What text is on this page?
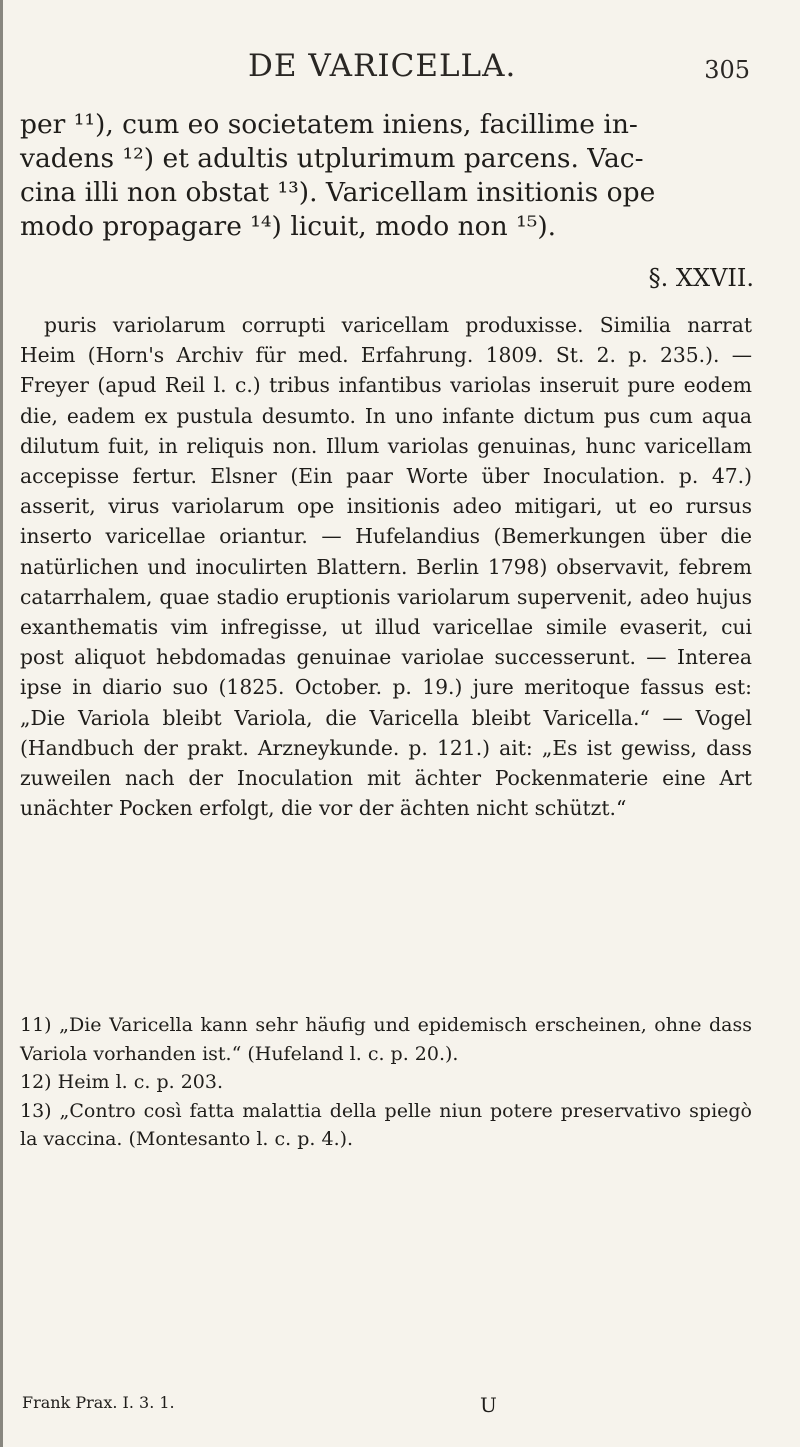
DE VARICELLA.	305

per ¹¹), cum eo societatem iniens, facillime in-

vadens ¹²) et adultis utplurimum parcens. Vac-

cina illi non obstat ¹³). Varicellam insitionis ope

modo propagare ¹⁴) licuit, modo non ¹⁵).

§. XXVII.

puris variolarum corrupti varicellam produxisse. Similia narrat Heim (Horn's Archiv für med. Erfahrung. 1809. St. 2. p. 235.). — Freyer (apud Reil l. c.) tribus infantibus variolas inseruit pure eodem die, eadem ex pustula desumto. In uno infante dictum pus cum aqua dilutum fuit, in reliquis non. Illum variolas genuinas, hunc varicellam accepisse fertur. Elsner (Ein paar Worte über Inoculation. p. 47.) asserit, virus variolarum ope insitionis adeo mitigari, ut eo rursus inserto varicellae oriantur. — Hufelandius (Bemerkungen über die natürlichen und inoculirten Blattern. Berlin 1798) observavit, febrem catarrhalem, quae stadio eruptionis variolarum supervenit, adeo hujus exanthematis vim infregisse, ut illud varicellae simile evaserit, cui post aliquot hebdomadas genuinae variolae successerunt. — Interea ipse in diario suo (1825. October. p. 19.) jure meritoque fassus est: „Die Variola bleibt Variola, die Varicella bleibt Varicella.“ — Vogel (Handbuch der prakt. Arzneykunde. p. 121.) ait: „Es ist gewiss, dass zuweilen nach der Inoculation mit ächter Pockenmaterie eine Art unächter Pocken erfolgt, die vor der ächten nicht schützt.“

11) „Die Varicella kann sehr häufig und epidemisch erscheinen, ohne dass Variola vorhanden ist.“ (Hufeland l. c. p. 20.).

12) Heim l. c. p. 203.

13) „Contro così fatta malattia della pelle niun potere preservativo spiegò la vaccina. (Montesanto l. c. p. 4.).

Frank Prax. I. 3. 1.	U
